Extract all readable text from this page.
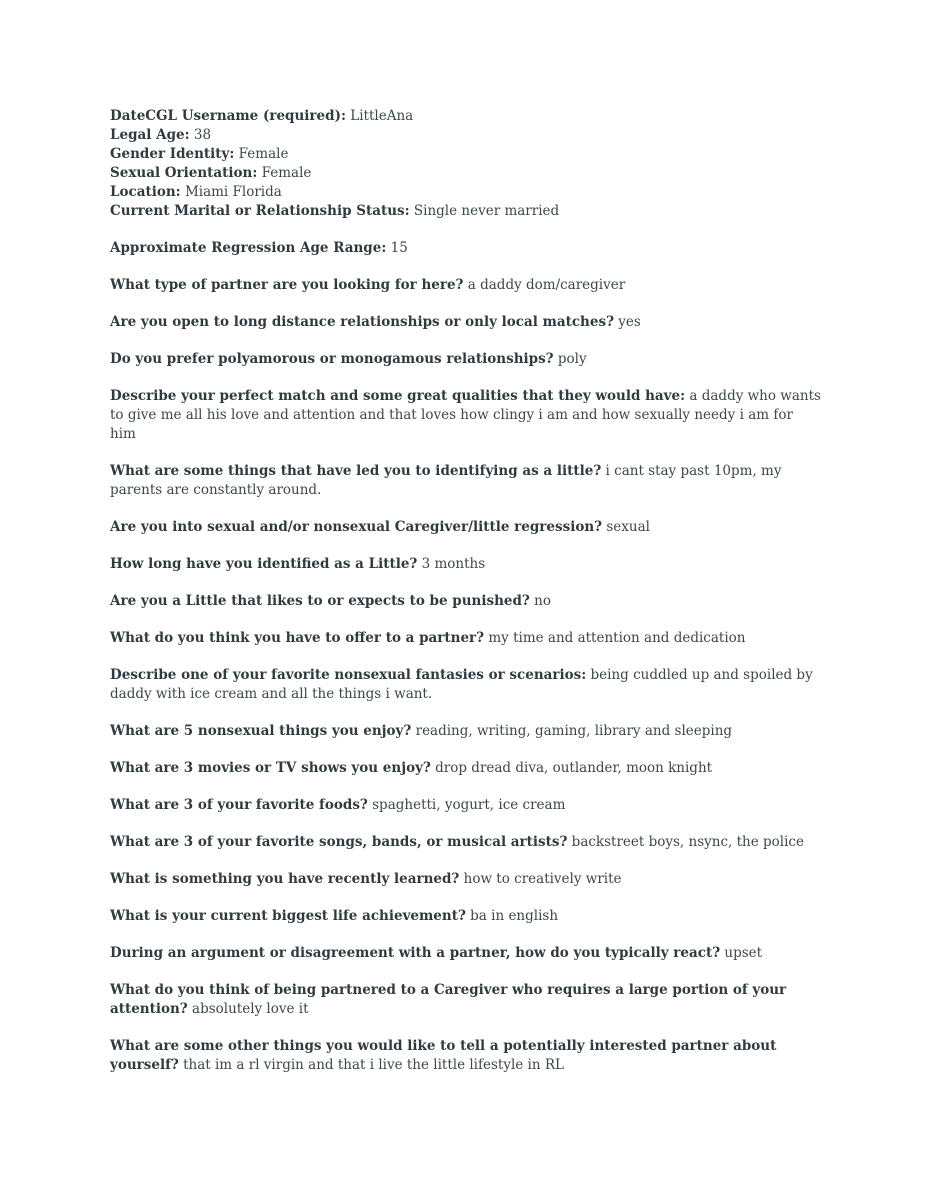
DateCGL Username (required): LittleAna
Legal Age: 38
Gender Identity: Female
Sexual Orientation: Female
Location: Miami Florida
Current Marital or Relationship Status: Single never married

Approximate Regression Age Range: 15

What type of partner are you looking for here? a daddy dom/caregiver

Are you open to long distance relationships or only local matches? yes

Do you prefer polyamorous or monogamous relationships? poly

Describe your perfect match and some great qualities that they would have: a daddy who wants to give me all his love and attention and that loves how clingy i am and how sexually needy i am for him

What are some things that have led you to identifying as a little? i cant stay past 10pm, my parents are constantly around.

Are you into sexual and/or nonsexual Caregiver/little regression? sexual

How long have you identified as a Little? 3 months

Are you a Little that likes to or expects to be punished? no

What do you think you have to offer to a partner? my time and attention and dedication

Describe one of your favorite nonsexual fantasies or scenarios: being cuddled up and spoiled by daddy with ice cream and all the things i want.

What are 5 nonsexual things you enjoy? reading, writing, gaming, library and sleeping

What are 3 movies or TV shows you enjoy? drop dread diva, outlander, moon knight

What are 3 of your favorite foods? spaghetti, yogurt, ice cream

What are 3 of your favorite songs, bands, or musical artists? backstreet boys, nsync, the police

What is something you have recently learned? how to creatively write

What is your current biggest life achievement? ba in english

During an argument or disagreement with a partner, how do you typically react? upset

What do you think of being partnered to a Caregiver who requires a large portion of your attention? absolutely love it

What are some other things you would like to tell a potentially interested partner about yourself? that im a rl virgin and that i live the little lifestyle in RL
